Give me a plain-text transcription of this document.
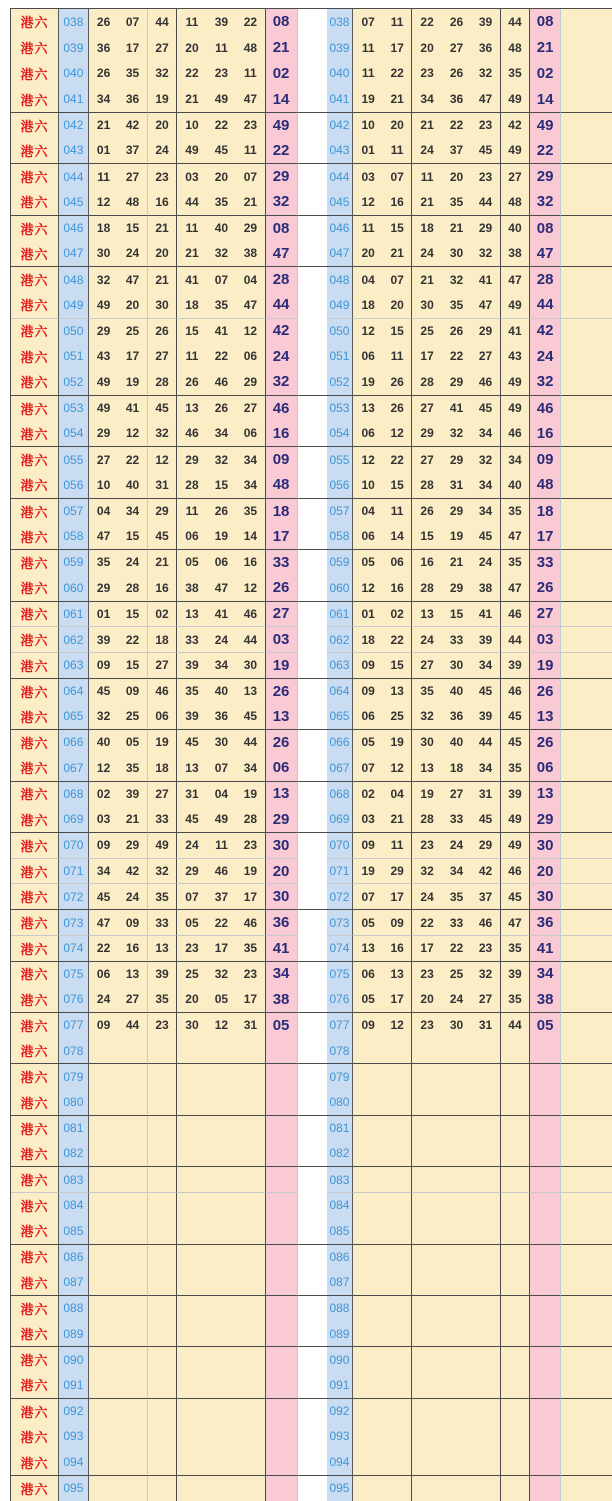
港六	038	26	07	44	11	39	22	08	038	07	11	22	26	39	44	08
港六	039	36	17	27	20	11	48	21	039	11	17	20	27	36	48	21
港六	040	26	35	32	22	23	11	02	040	11	22	23	26	32	35	02
港六	041	34	36	19	21	49	47	14	041	19	21	34	36	47	49	14
港六	042	21	42	20	10	22	23	49	042	10	20	21	22	23	42	49
港六	043	01	37	24	49	45	11	22	043	01	11	24	37	45	49	22
港六	044	11	27	23	03	20	07	29	044	03	07	11	20	23	27	29
港六	045	12	48	16	44	35	21	32	045	12	16	21	35	44	48	32
港六	046	18	15	21	11	40	29	08	046	11	15	18	21	29	40	08
港六	047	30	24	20	21	32	38	47	047	20	21	24	30	32	38	47
港六	048	32	47	21	41	07	04	28	048	04	07	21	32	41	47	28
港六	049	49	20	30	18	35	47	44	049	18	20	30	35	47	49	44
港六	050	29	25	26	15	41	12	42	050	12	15	25	26	29	41	42
港六	051	43	17	27	11	22	06	24	051	06	11	17	22	27	43	24
港六	052	49	19	28	26	46	29	32	052	19	26	28	29	46	49	32
港六	053	49	41	45	13	26	27	46	053	13	26	27	41	45	49	46
港六	054	29	12	32	46	34	06	16	054	06	12	29	32	34	46	16
港六	055	27	22	12	29	32	34	09	055	12	22	27	29	32	34	09
港六	056	10	40	31	28	15	34	48	056	10	15	28	31	34	40	48
港六	057	04	34	29	11	26	35	18	057	04	11	26	29	34	35	18
港六	058	47	15	45	06	19	14	17	058	06	14	15	19	45	47	17
港六	059	35	24	21	05	06	16	33	059	05	06	16	21	24	35	33
港六	060	29	28	16	38	47	12	26	060	12	16	28	29	38	47	26
港六	061	01	15	02	13	41	46	27	061	01	02	13	15	41	46	27
港六	062	39	22	18	33	24	44	03	062	18	22	24	33	39	44	03
港六	063	09	15	27	39	34	30	19	063	09	15	27	30	34	39	19
港六	064	45	09	46	35	40	13	26	064	09	13	35	40	45	46	26
港六	065	32	25	06	39	36	45	13	065	06	25	32	36	39	45	13
港六	066	40	05	19	45	30	44	26	066	05	19	30	40	44	45	26
港六	067	12	35	18	13	07	34	06	067	07	12	13	18	34	35	06
港六	068	02	39	27	31	04	19	13	068	02	04	19	27	31	39	13
港六	069	03	21	33	45	49	28	29	069	03	21	28	33	45	49	29
港六	070	09	29	49	24	11	23	30	070	09	11	23	24	29	49	30
港六	071	34	42	32	29	46	19	20	071	19	29	32	34	42	46	20
港六	072	45	24	35	07	37	17	30	072	07	17	24	35	37	45	30
港六	073	47	09	33	05	22	46	36	073	05	09	22	33	46	47	36
港六	074	22	16	13	23	17	35	41	074	13	16	17	22	23	35	41
港六	075	06	13	39	25	32	23	34	075	06	13	23	25	32	39	34
港六	076	24	27	35	20	05	17	38	076	05	17	20	24	27	35	38
港六	077	09	44	23	30	12	31	05	077	09	12	23	30	31	44	05
港六	078	078
港六	079	079
港六	080	080
港六	081	081
港六	082	082
港六	083	083
港六	084	084
港六	085	085
港六	086	086
港六	087	087
港六	088	088
港六	089	089
港六	090	090
港六	091	091
港六	092	092
港六	093	093
港六	094	094
港六	095	095
